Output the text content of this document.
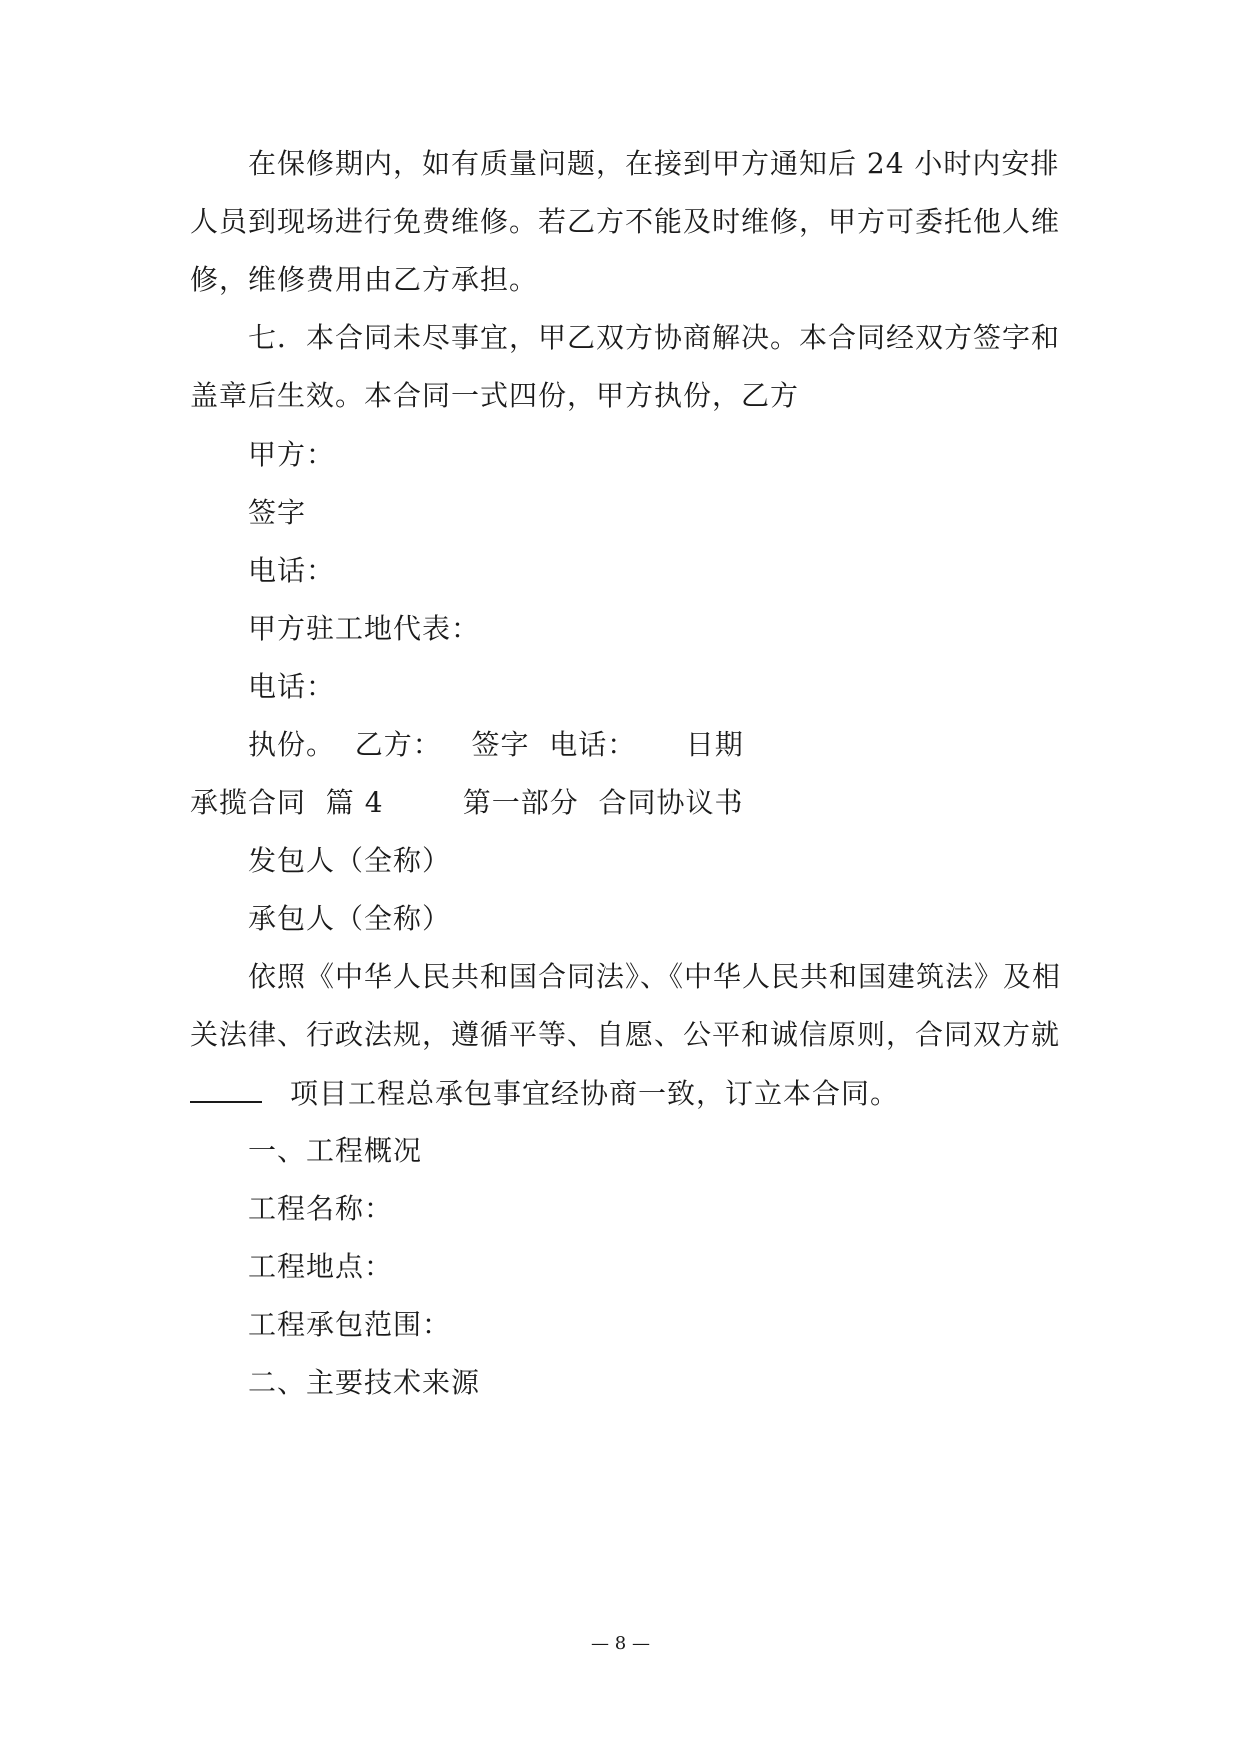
在保修期内，如有质量问题，在接到甲方通知后 24 小时内安排
人员到现场进行免费维修。若乙方不能及时维修，甲方可委托他人维
修，维修费用由乙方承担。
七．本合同未尽事宜，甲乙双方协商解决。本合同经双方签字和
盖章后生效。本合同一式四份，甲方执份，乙方
甲方：
签字
电话：
甲方驻工地代表：
电话：
执份。  乙方：   签字  电话：     日期
承揽合同  篇 4        第一部分  合同协议书
发包人（全称）
承包人（全称）
依照《中华人民共和国合同法》、《中华人民共和国建筑法》及相
关法律、行政法规，遵循平等、自愿、公平和诚信原则，合同双方就
项目工程总承包事宜经协商一致，订立本合同。
一、工程概况
工程名称：
工程地点：
工程承包范围：
二、主要技术来源
— 8 —
